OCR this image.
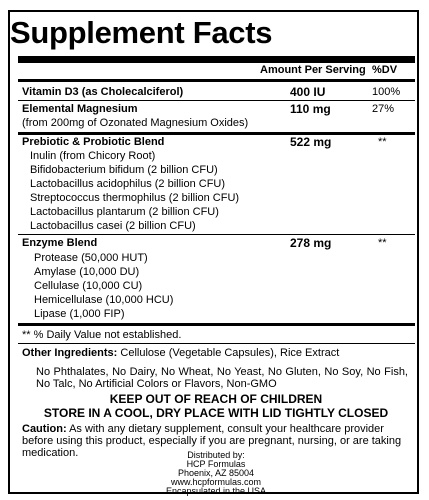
Supplement Facts
Amount Per Serving %DV
Vitamin D3 (as Cholecalciferol)	400 IU	100%
Elemental Magnesium	110 mg	27%
(from 200mg of Ozonated Magnesium Oxides)
Prebiotic & Probiotic Blend	522 mg	**
Inulin (from Chicory Root)
Bifidobacterium bifidum (2 billion CFU)
Lactobacillus acidophilus (2 billion CFU)
Streptococcus thermophilus (2 billion CFU)
Lactobacillus plantarum (2 billion CFU)
Lactobacillus casei (2 billion CFU)
Enzyme Blend	278 mg	**
Protease (50,000 HUT)
Amylase (10,000 DU)
Cellulase (10,000 CU)
Hemicellulase (10,000 HCU)
Lipase (1,000 FIP)
** % Daily Value not established.
Other Ingredients: Cellulose (Vegetable Capsules), Rice Extract
No Phthalates, No Dairy, No Wheat, No Yeast, No Gluten, No Soy, No Fish, No Talc, No Artificial Colors or Flavors, Non-GMO
KEEP OUT OF REACH OF CHILDREN
STORE IN A COOL, DRY PLACE WITH LID TIGHTLY CLOSED
Caution: As with any dietary supplement, consult your healthcare provider before using this product, especially if you are pregnant, nursing, or are taking medication.	Distributed by:
HCP Formulas
Phoenix, AZ 85004
www.hcpformulas.com
Encapsulated in the USA
